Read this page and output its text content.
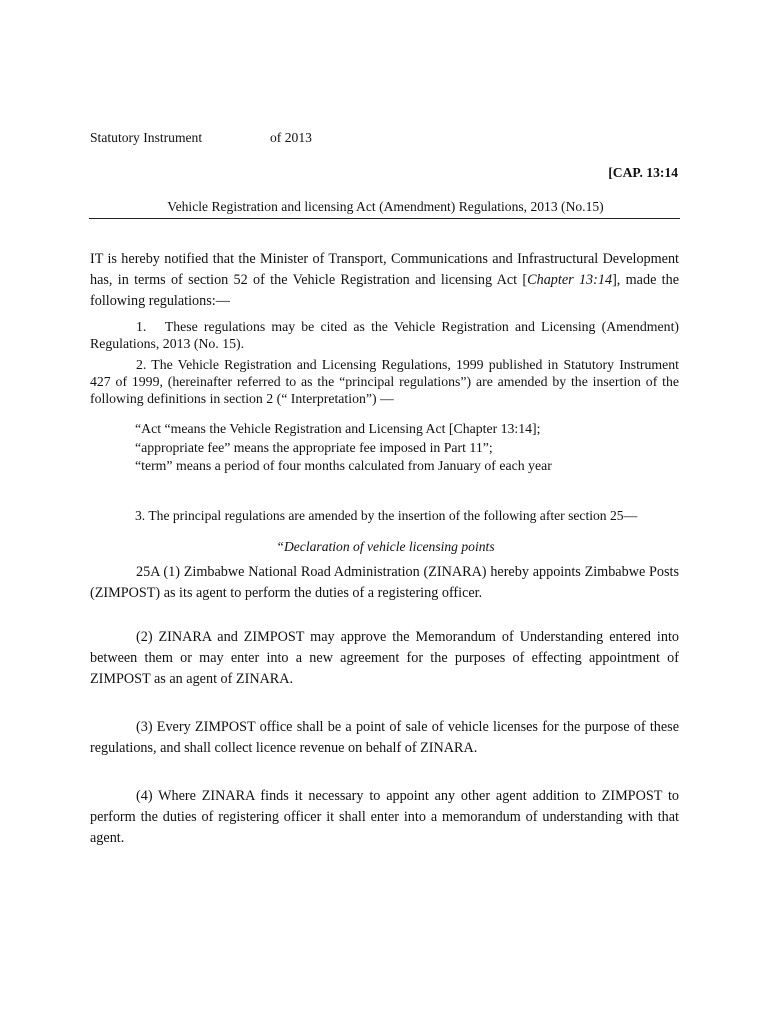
Statutory Instrument	of 2013
[CAP. 13:14
Vehicle Registration and licensing Act (Amendment) Regulations, 2013 (No.15)
IT is hereby notified that the Minister of Transport, Communications and Infrastructural Development has, in terms of section 52 of the Vehicle Registration and licensing Act [Chapter 13:14], made the following regulations:—
1.   These regulations may be cited as the Vehicle Registration and Licensing (Amendment) Regulations, 2013 (No. 15).
2. The Vehicle Registration and Licensing Regulations, 1999 published in Statutory Instrument 427 of 1999, (hereinafter referred to as the “principal regulations”) are amended by the insertion of the following definitions in section 2 (“ Interpretation”) —
“Act “means the Vehicle Registration and Licensing Act [Chapter 13:14];
“appropriate fee” means the appropriate fee imposed in Part 11”;
“term” means a period of four months calculated from January of each year
3. The principal regulations are amended by the insertion of the following after section 25—
“Declaration of vehicle licensing points
25A (1) Zimbabwe National Road Administration (ZINARA) hereby appoints Zimbabwe Posts (ZIMPOST) as its agent to perform the duties of a registering officer.
(2) ZINARA and ZIMPOST may approve the Memorandum of Understanding entered into between them or may enter into a new agreement for the purposes of effecting appointment of ZIMPOST as an agent of ZINARA.
(3) Every ZIMPOST office shall be a point of sale of vehicle licenses for the purpose of these regulations, and shall collect licence revenue on behalf of ZINARA.
(4) Where ZINARA finds it necessary to appoint any other agent addition to ZIMPOST to perform the duties of registering officer it shall enter into a memorandum of understanding with that agent.
